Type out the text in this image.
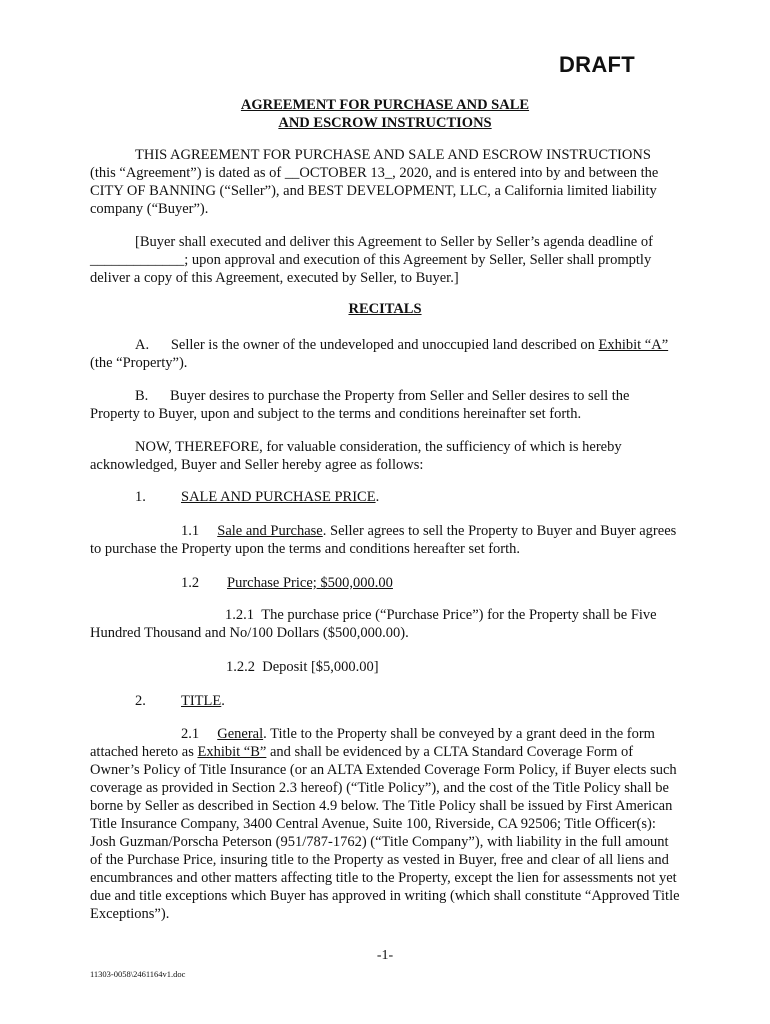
DRAFT
AGREEMENT FOR PURCHASE AND SALE
AND ESCROW INSTRUCTIONS

THIS AGREEMENT FOR PURCHASE AND SALE AND ESCROW INSTRUCTIONS (this “Agreement”) is dated as of __OCTOBER 13_, 2020, and is entered into by and between the CITY OF BANNING (“Seller”), and BEST DEVELOPMENT, LLC, a California limited liability company (“Buyer”).

[Buyer shall executed and deliver this Agreement to Seller by Seller’s agenda deadline of _____________; upon approval and execution of this Agreement by Seller, Seller shall promptly deliver a copy of this Agreement, executed by Seller, to Buyer.]

RECITALS

A. Seller is the owner of the undeveloped and unoccupied land described on Exhibit “A” (the “Property”).

B. Buyer desires to purchase the Property from Seller and Seller desires to sell the Property to Buyer, upon and subject to the terms and conditions hereinafter set forth.

NOW, THEREFORE, for valuable consideration, the sufficiency of which is hereby acknowledged, Buyer and Seller hereby agree as follows:

1. SALE AND PURCHASE PRICE.

1.1 Sale and Purchase. Seller agrees to sell the Property to Buyer and Buyer agrees to purchase the Property upon the terms and conditions hereafter set forth.

1.2 Purchase Price; $500,000.00

1.2.1 The purchase price (“Purchase Price”) for the Property shall be Five Hundred Thousand and No/100 Dollars ($500,000.00).

1.2.2 Deposit [$5,000.00]
2. TITLE.

2.1 General. Title to the Property shall be conveyed by a grant deed in the form attached hereto as Exhibit “B” and shall be evidenced by a CLTA Standard Coverage Form of Owner’s Policy of Title Insurance (or an ALTA Extended Coverage Form Policy, if Buyer elects such coverage as provided in Section 2.3 hereof) (“Title Policy”), and the cost of the Title Policy shall be borne by Seller as described in Section 4.9 below. The Title Policy shall be issued by First American Title Insurance Company, 3400 Central Avenue, Suite 100, Riverside, CA 92506; Title Officer(s): Josh Guzman/Porscha Peterson (951/787-1762) (“Title Company”), with liability in the full amount of the Purchase Price, insuring title to the Property as vested in Buyer, free and clear of all liens and encumbrances and other matters affecting title to the Property, except the lien for assessments not yet due and title exceptions which Buyer has approved in writing (which shall constitute “Approved Title Exceptions”).

-1-
11303-0058\2461164v1.doc
